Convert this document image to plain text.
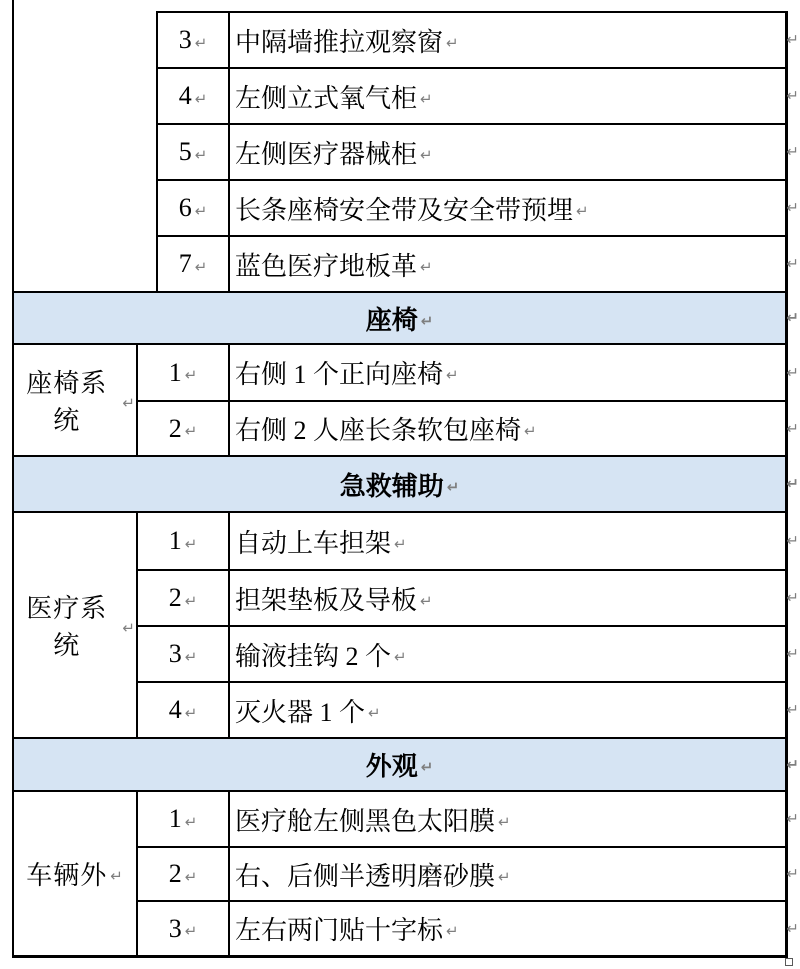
3 ↵ 中隔墙推拉观察窗 ↵	↵
4 ↵ 左侧立式氧气柜 ↵	↵
5 ↵ 左侧医疗器械柜 ↵	↵
6 ↵ 长条座椅安全带及安全带预埋 ↵	↵
7 ↵ 蓝色医疗地板革 ↵	↵
座椅 ↵	↵
座椅系统
↵
1 ↵ 右侧 1 个正向座椅 ↵	↵
2 ↵ 右侧 2 人座长条软包座椅 ↵	↵
急救辅助 ↵	↵
医疗系统
↵
1 ↵ 自动上车担架 ↵	↵
2 ↵ 担架垫板及导板 ↵	↵
3 ↵ 输液挂钩 2 个 ↵	↵
4 ↵ 灭火器 1 个 ↵	↵
外观 ↵	↵
车辆外 ↵
1 ↵ 医疗舱左侧黑色太阳膜 ↵	↵
2 ↵ 右、后侧半透明磨砂膜 ↵	↵
3 ↵ 左右两门贴十字标 ↵	↵
